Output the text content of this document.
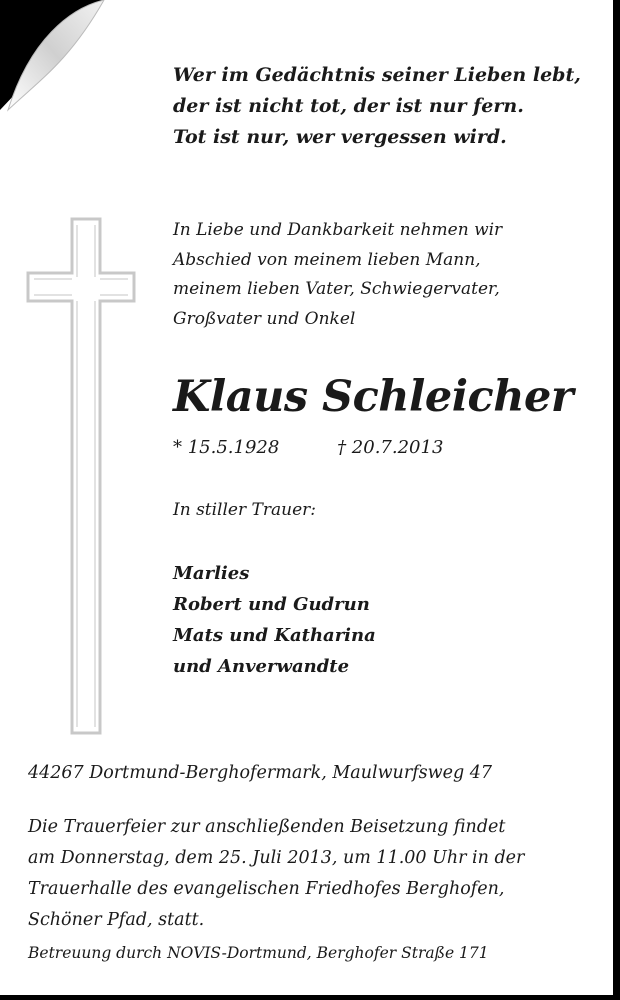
Wer im Gedächtnis seiner Lieben lebt,
der ist nicht tot, der ist nur fern.
Tot ist nur, wer vergessen wird.
In Liebe und Dankbarkeit nehmen wir
Abschied von meinem lieben Mann,
meinem lieben Vater, Schwiegervater,
Großvater und Onkel
Klaus Schleicher
* 15.5.1928	† 20.7.2013
In stiller Trauer:
Marlies
Robert und Gudrun
Mats und Katharina
und Anverwandte
44267 Dortmund-Berghofermark, Maulwurfsweg 47
Die Trauerfeier zur anschließenden Beisetzung findet
am Donnerstag, dem 25. Juli 2013, um 11.00 Uhr in der
Trauerhalle des evangelischen Friedhofes Berghofen,
Schöner Pfad, statt.
Betreuung durch NOVIS-Dortmund, Berghofer Straße 171
